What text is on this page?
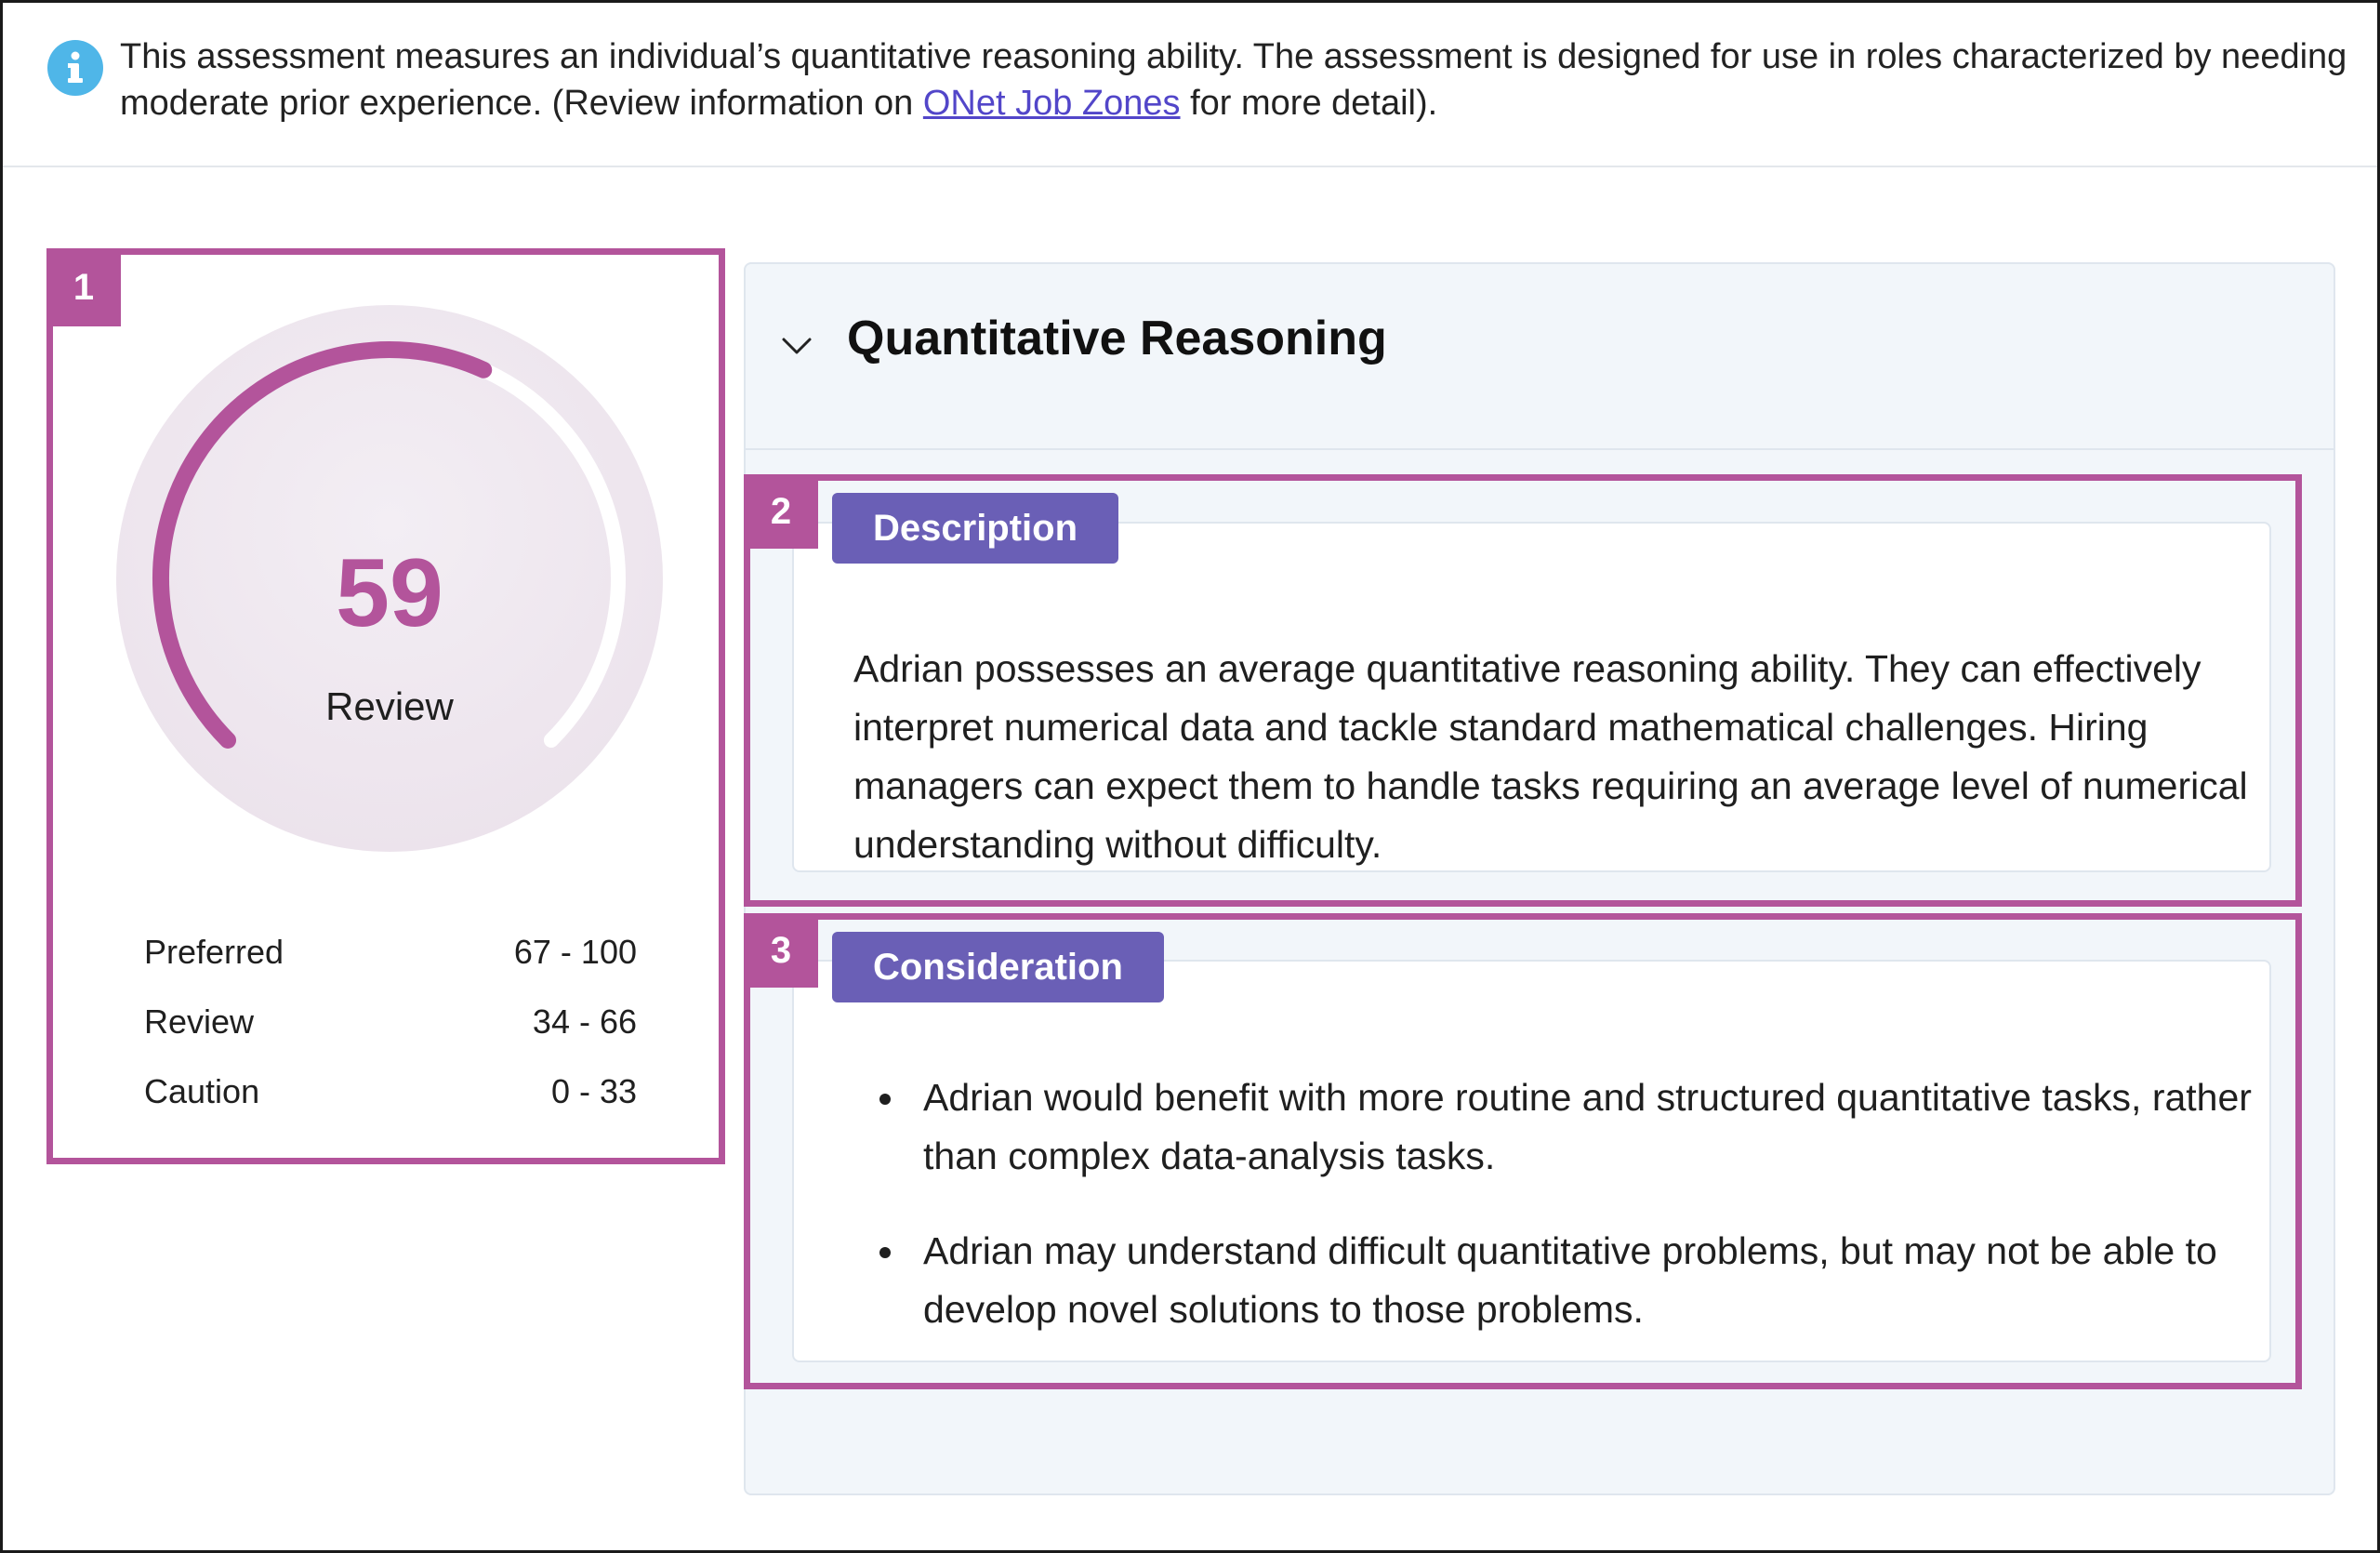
This assessment measures an individual’s quantitative reasoning ability. The assessment is designed for use in roles characterized by needing moderate prior experience. (Review information on ONet Job Zones for more detail).
1
59
Review
Preferred	67 - 100
Review	34 - 66
Caution	0 - 33
Quantitative Reasoning
Adrian possesses an average quantitative reasoning ability. They can effectively interpret numerical data and tackle standard mathematical challenges. Hiring managers can expect them to handle tasks requiring an average level of numerical understanding without difficulty.
2	Description
Adrian would benefit with more routine and structured quantitative tasks, rather than complex data-analysis tasks.
Adrian may understand difficult quantitative problems, but may not be able to develop novel solutions to those problems.
3	Consideration
